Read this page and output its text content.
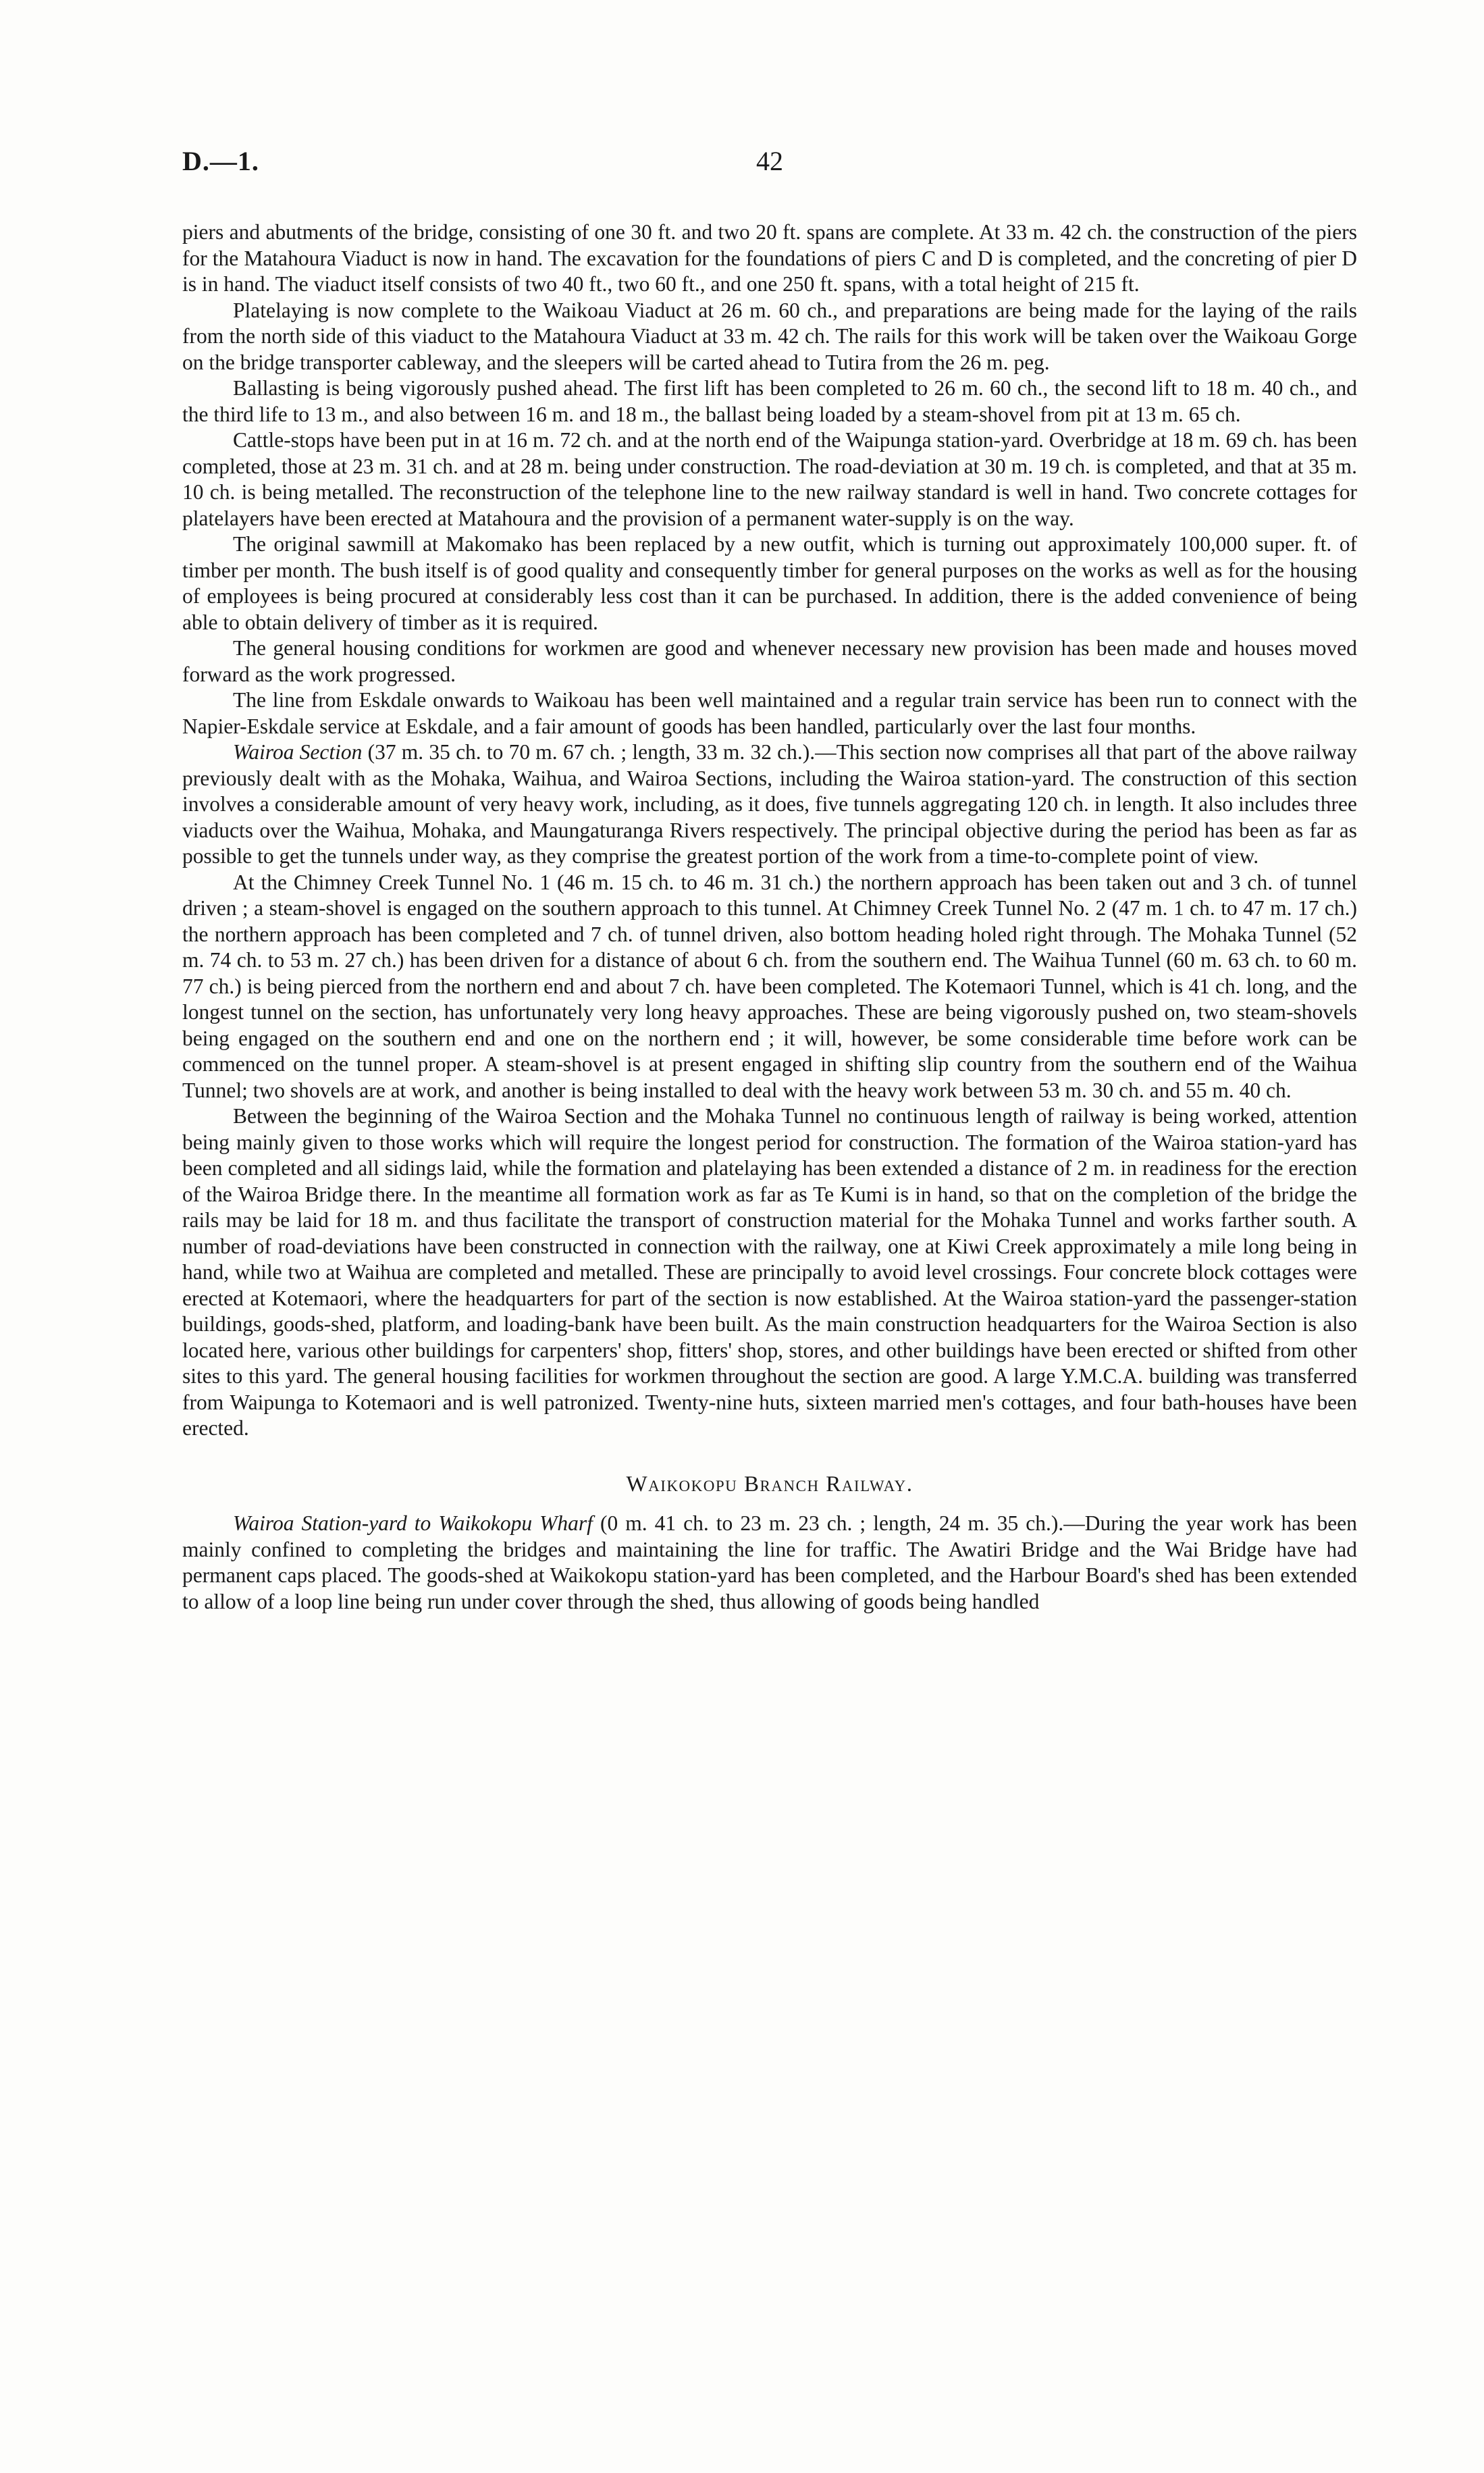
D.—1.	42

piers and abutments of the bridge, consisting of one 30 ft. and two 20 ft. spans are complete. At 33 m. 42 ch. the construction of the piers for the Matahoura Viaduct is now in hand. The excavation for the foundations of piers C and D is completed, and the concreting of pier D is in hand. The viaduct itself consists of two 40 ft., two 60 ft., and one 250 ft. spans, with a total height of 215 ft.

Platelaying is now complete to the Waikoau Viaduct at 26 m. 60 ch., and preparations are being made for the laying of the rails from the north side of this viaduct to the Matahoura Viaduct at 33 m. 42 ch. The rails for this work will be taken over the Waikoau Gorge on the bridge transporter cableway, and the sleepers will be carted ahead to Tutira from the 26 m. peg.

Ballasting is being vigorously pushed ahead. The first lift has been completed to 26 m. 60 ch., the second lift to 18 m. 40 ch., and the third life to 13 m., and also between 16 m. and 18 m., the ballast being loaded by a steam-shovel from pit at 13 m. 65 ch.

Cattle-stops have been put in at 16 m. 72 ch. and at the north end of the Waipunga station-yard. Overbridge at 18 m. 69 ch. has been completed, those at 23 m. 31 ch. and at 28 m. being under construction. The road-deviation at 30 m. 19 ch. is completed, and that at 35 m. 10 ch. is being metalled. The reconstruction of the telephone line to the new railway standard is well in hand. Two concrete cottages for platelayers have been erected at Matahoura and the provision of a permanent water-supply is on the way.

The original sawmill at Makomako has been replaced by a new outfit, which is turning out approximately 100,000 super. ft. of timber per month. The bush itself is of good quality and consequently timber for general purposes on the works as well as for the housing of employees is being procured at considerably less cost than it can be purchased. In addition, there is the added convenience of being able to obtain delivery of timber as it is required.

The general housing conditions for workmen are good and whenever necessary new provision has been made and houses moved forward as the work progressed.

The line from Eskdale onwards to Waikoau has been well maintained and a regular train service has been run to connect with the Napier-Eskdale service at Eskdale, and a fair amount of goods has been handled, particularly over the last four months.

Wairoa Section (37 m. 35 ch. to 70 m. 67 ch. ; length, 33 m. 32 ch.).—This section now comprises all that part of the above railway previously dealt with as the Mohaka, Waihua, and Wairoa Sections, including the Wairoa station-yard. The construction of this section involves a considerable amount of very heavy work, including, as it does, five tunnels aggregating 120 ch. in length. It also includes three viaducts over the Waihua, Mohaka, and Maungaturanga Rivers respectively. The principal objective during the period has been as far as possible to get the tunnels under way, as they comprise the greatest portion of the work from a time-to-complete point of view.

At the Chimney Creek Tunnel No. 1 (46 m. 15 ch. to 46 m. 31 ch.) the northern approach has been taken out and 3 ch. of tunnel driven ; a steam-shovel is engaged on the southern approach to this tunnel. At Chimney Creek Tunnel No. 2 (47 m. 1 ch. to 47 m. 17 ch.) the northern approach has been completed and 7 ch. of tunnel driven, also bottom heading holed right through. The Mohaka Tunnel (52 m. 74 ch. to 53 m. 27 ch.) has been driven for a distance of about 6 ch. from the southern end. The Waihua Tunnel (60 m. 63 ch. to 60 m. 77 ch.) is being pierced from the northern end and about 7 ch. have been completed. The Kotemaori Tunnel, which is 41 ch. long, and the longest tunnel on the section, has unfortunately very long heavy approaches. These are being vigorously pushed on, two steam-shovels being engaged on the southern end and one on the northern end ; it will, however, be some considerable time before work can be commenced on the tunnel proper. A steam-shovel is at present engaged in shifting slip country from the southern end of the Waihua Tunnel; two shovels are at work, and another is being installed to deal with the heavy work between 53 m. 30 ch. and 55 m. 40 ch.

Between the beginning of the Wairoa Section and the Mohaka Tunnel no continuous length of railway is being worked, attention being mainly given to those works which will require the longest period for construction. The formation of the Wairoa station-yard has been completed and all sidings laid, while the formation and platelaying has been extended a distance of 2 m. in readiness for the erection of the Wairoa Bridge there. In the meantime all formation work as far as Te Kumi is in hand, so that on the completion of the bridge the rails may be laid for 18 m. and thus facilitate the transport of construction material for the Mohaka Tunnel and works farther south. A number of road-deviations have been constructed in connection with the railway, one at Kiwi Creek approximately a mile long being in hand, while two at Waihua are completed and metalled. These are principally to avoid level crossings. Four concrete block cottages were erected at Kotemaori, where the headquarters for part of the section is now established. At the Wairoa station-yard the passenger-station buildings, goods-shed, platform, and loading-bank have been built. As the main construction headquarters for the Wairoa Section is also located here, various other buildings for carpenters' shop, fitters' shop, stores, and other buildings have been erected or shifted from other sites to this yard. The general housing facilities for workmen throughout the section are good. A large Y.M.C.A. building was transferred from Waipunga to Kotemaori and is well patronized. Twenty-nine huts, sixteen married men's cottages, and four bath-houses have been erected.

Waikokopu Branch Railway.

Wairoa Station-yard to Waikokopu Wharf (0 m. 41 ch. to 23 m. 23 ch. ; length, 24 m. 35 ch.).—During the year work has been mainly confined to completing the bridges and maintaining the line for traffic. The Awatiri Bridge and the Wai Bridge have had permanent caps placed. The goods-shed at Waikokopu station-yard has been completed, and the Harbour Board's shed has been extended to allow of a loop line being run under cover through the shed, thus allowing of goods being handled
